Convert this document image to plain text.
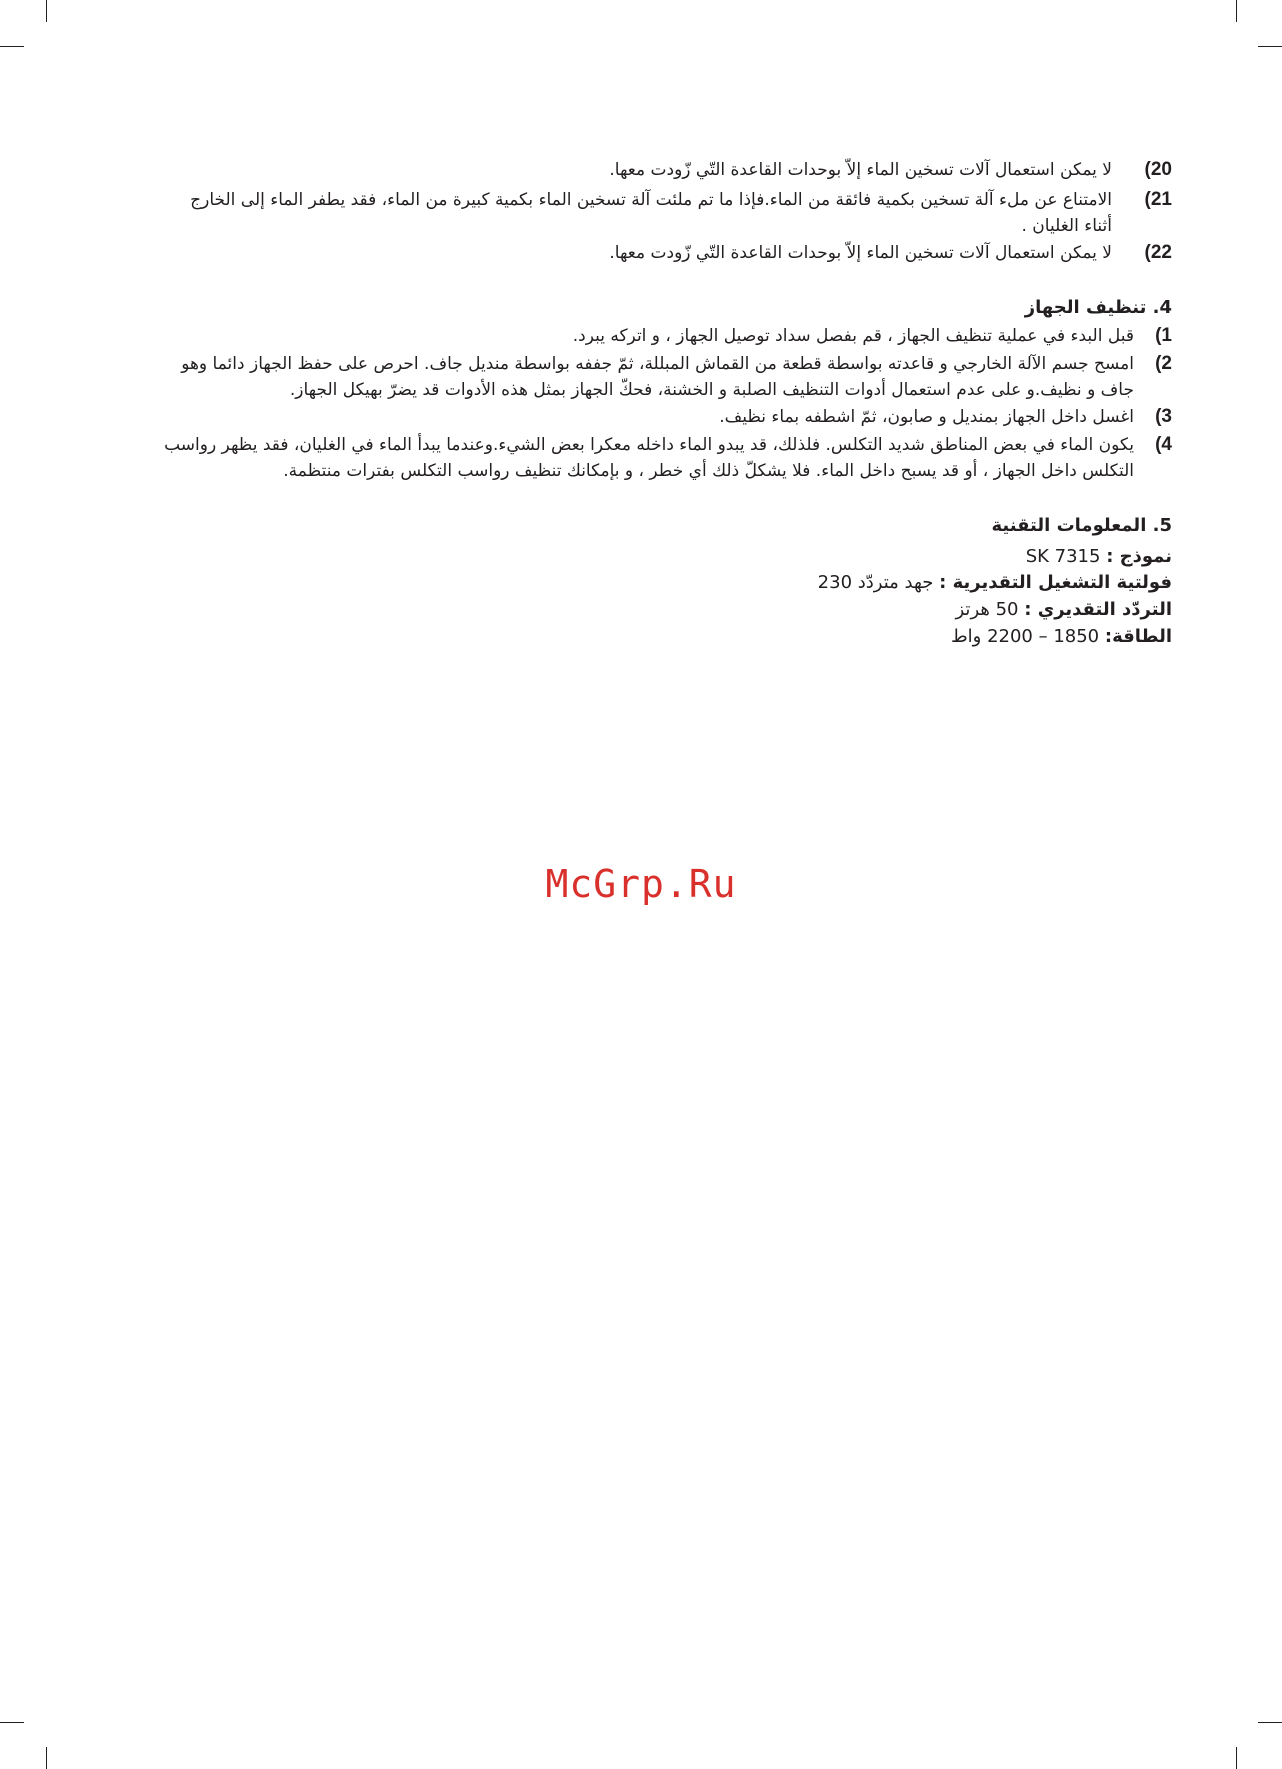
(20
لا يمكن استعمال آلات تسخين الماء إلاّ بوحدات القاعدة التّي زّودت معها.
(21
الامتناع عن ملء آلة تسخين بكمية فائقة من الماء.فإذا ما تم ملئت آلة تسخين الماء بكمية كبيرة من الماء، فقد يطفر الماء إلى الخارج
أثناء الغليان .
(22
لا يمكن استعمال آلات تسخين الماء إلاّ بوحدات القاعدة التّي زّودت معها.
4. تنظيف الجهاز
(1
قبل البدء في عملية تنظيف الجهاز ، قم بفصل سداد توصيل الجهاز ، و اتركه يبرد.
(2
امسح جسم الآلة الخارجي و قاعدته بواسطة قطعة من القماش المبللة، ثمّ جففه بواسطة منديل جاف. احرص على حفظ الجهاز دائما وهو
جاف و نظيف.و على عدم استعمال أدوات التنظيف الصلبة و الخشنة، فحكّ الجهاز بمثل هذه الأدوات قد يضرّ بهيكل الجهاز.
(3
اغسل داخل الجهاز بمنديل و صابون، ثمّ اشطفه بماء نظيف.
(4
يكون الماء في بعض المناطق شديد التكلس. فلذلك، قد يبدو الماء داخله معكرا بعض الشيء.وعندما يبدأ الماء في الغليان، فقد يظهر رواسب
التكلس داخل الجهاز ، أو قد يسبح داخل الماء. فلا يشكلّ ذلك أي خطر ، و بإمكانك تنظيف رواسب التكلس بفترات منتظمة.
5. المعلومات التقنية
نموذج : SK 7315
فولتية التشغيل التقديرية : جهد متردّد 230
التردّد التقديري : 50 هرتز
الطاقة: 1850 – 2200 واط
McGrp.Ru
